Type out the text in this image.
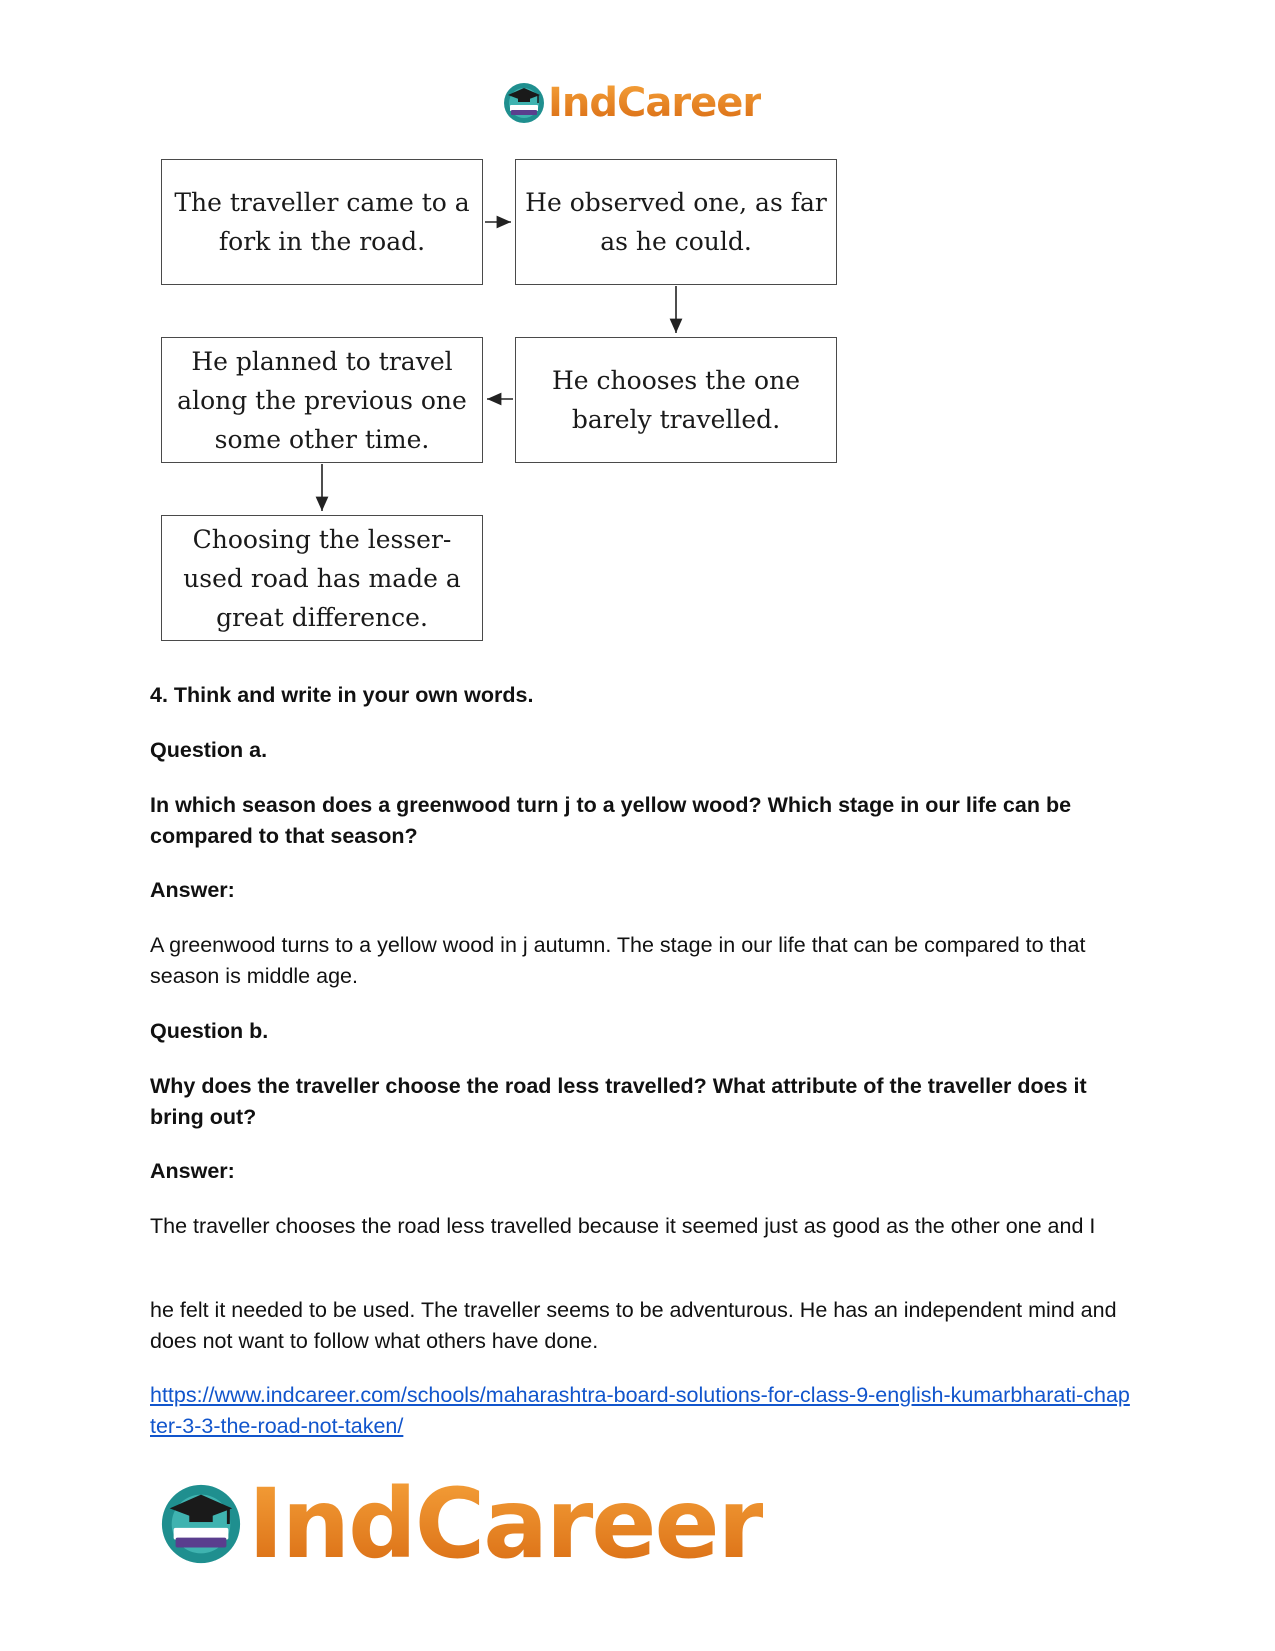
IndCareer
The traveller came to a fork in the road.
He observed one, as far as he could.
He chooses the one barely travelled.
He planned to travel along the previous one some other time.
Choosing the lesser-used road has made a great difference.

4. Think and write in your own words.

Question a.

In which season does a greenwood turn j to a yellow wood? Which stage in our life can be compared to that season?

Answer:

A greenwood turns to a yellow wood in j autumn. The stage in our life that can be compared to that season is middle age.

Question b.

Why does the traveller choose the road less travelled? What attribute of the traveller does it bring out?

Answer:

The traveller chooses the road less travelled because it seemed just as good as the other one and I

he felt it needed to be used. The traveller seems to be adventurous. He has an independent mind and does not want to follow what others have done.

https://www.indcareer.com/schools/maharashtra-board-solutions-for-class-9-english-kumarbharati-chapter-3-3-the-road-not-taken/
IndCareer
